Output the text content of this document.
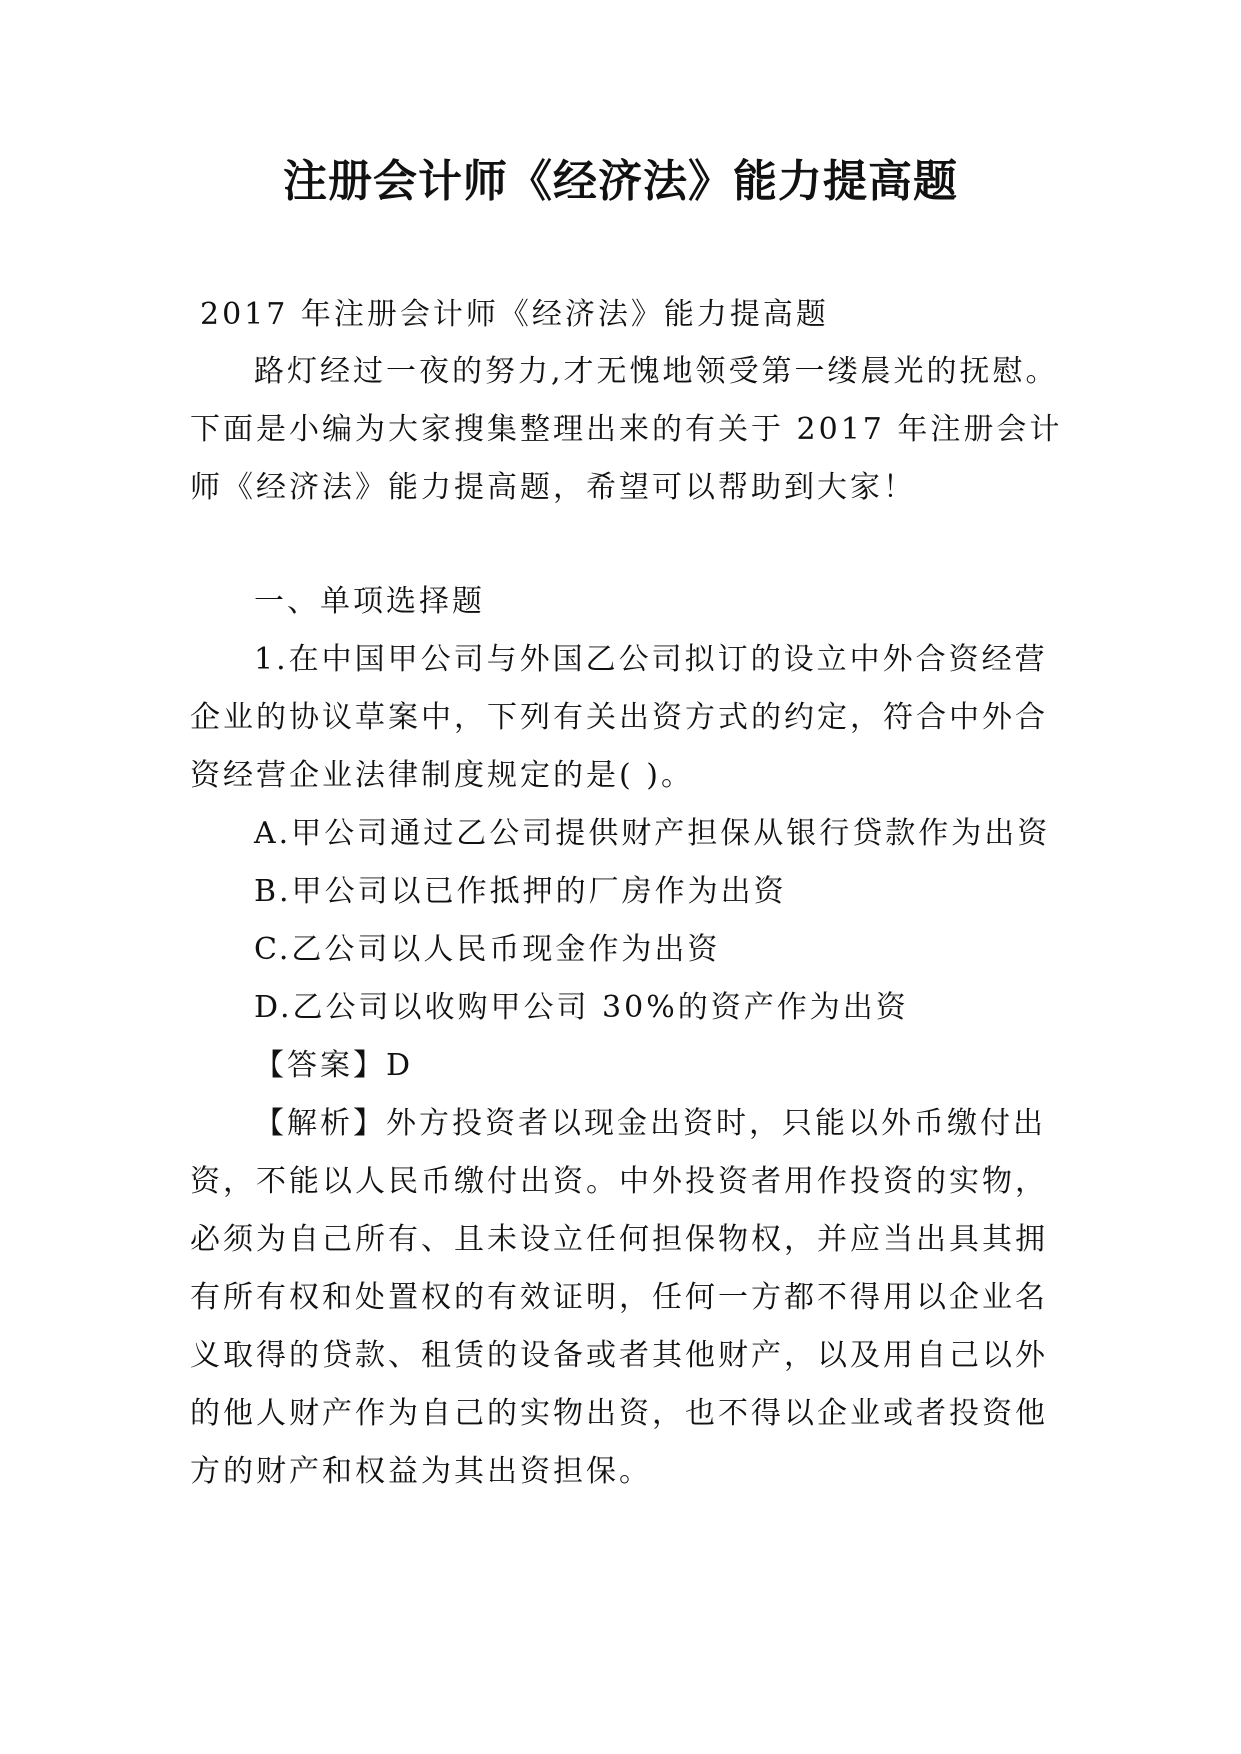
注册会计师《经济法》能力提高题
2017 年注册会计师《经济法》能力提高题

路灯经过一夜的努力,才无愧地领受第一缕晨光的抚慰。下面是小编为大家搜集整理出来的有关于 2017 年注册会计师《经济法》能力提高题，希望可以帮助到大家！

一、单项选择题

1.在中国甲公司与外国乙公司拟订的设立中外合资经营企业的协议草案中，下列有关出资方式的约定，符合中外合资经营企业法律制度规定的是( )。

A.甲公司通过乙公司提供财产担保从银行贷款作为出资

B.甲公司以已作抵押的厂房作为出资

C.乙公司以人民币现金作为出资

D.乙公司以收购甲公司 30%的资产作为出资

【答案】D

【解析】外方投资者以现金出资时，只能以外币缴付出资，不能以人民币缴付出资。中外投资者用作投资的实物，必须为自己所有、且未设立任何担保物权，并应当出具其拥有所有权和处置权的有效证明，任何一方都不得用以企业名义取得的贷款、租赁的设备或者其他财产，以及用自己以外的他人财产作为自己的实物出资，也不得以企业或者投资他方的财产和权益为其出资担保。
